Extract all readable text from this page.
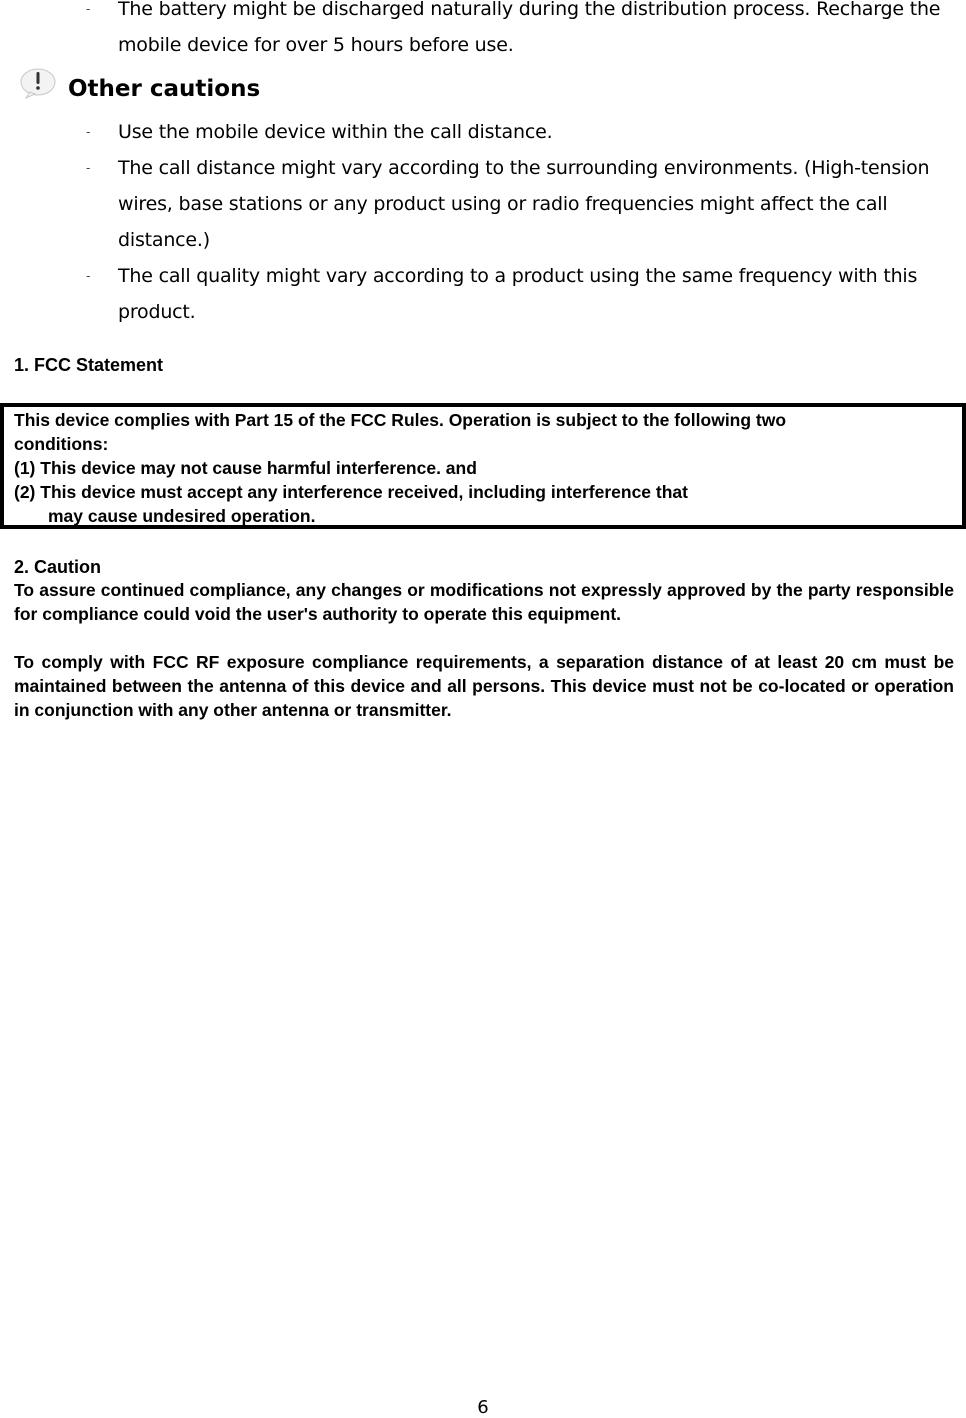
- The battery might be discharged naturally during the distribution process. Recharge the mobile device for over 5 hours before use.
Other cautions
- Use the mobile device within the call distance.
- The call distance might vary according to the surrounding environments. (High-tension wires, base stations or any product using or radio frequencies might affect the call distance.)
- The call quality might vary according to a product using the same frequency with this product.
1. FCC Statement
This device complies with Part 15 of the FCC Rules. Operation is subject to the following two
conditions:
(1) This device may not cause harmful interference. and
(2) This device must accept any interference received, including interference that
may cause undesired operation.
2. Caution
To assure continued compliance, any changes or modifications not expressly approved by the party responsible for compliance could void the user's authority to operate this equipment.
To comply with FCC RF exposure compliance requirements, a separation distance of at least 20 cm must be maintained between the antenna of this device and all persons. This device must not be co-located or operation in conjunction with any other antenna or transmitter.
6
